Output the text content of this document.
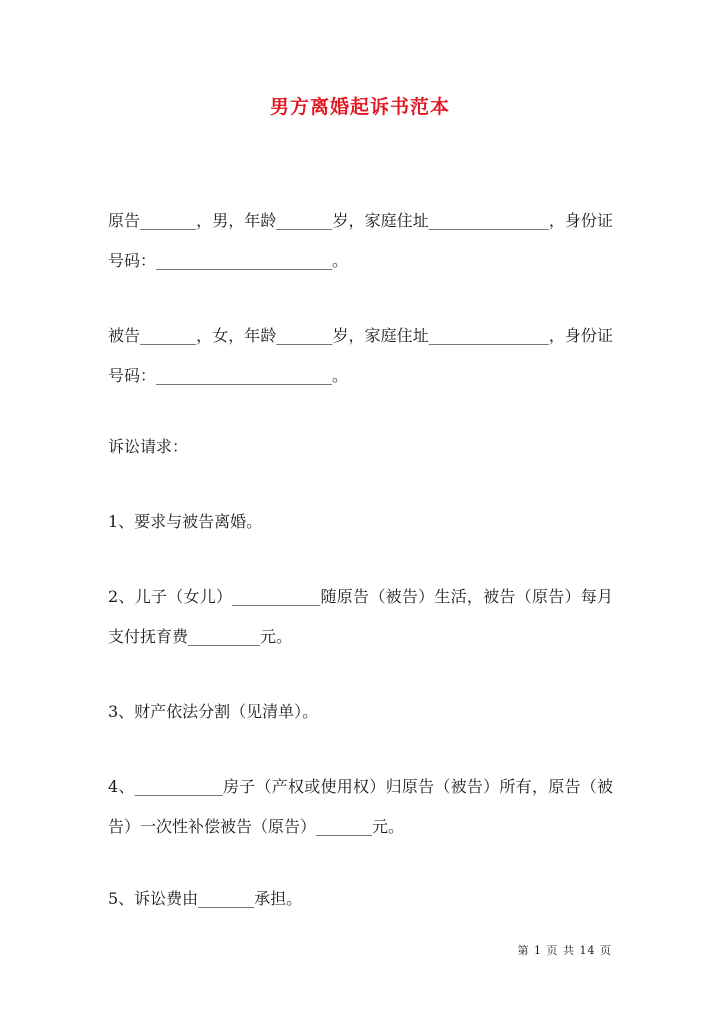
男方离婚起诉书范本
原告_______，男，年龄_______岁，家庭住址_______________，身份证号码：______________________。
被告_______，女，年龄_______岁，家庭住址_______________，身份证号码：______________________。
诉讼请求：
1、要求与被告离婚。
2、儿子（女儿）___________随原告（被告）生活，被告（原告）每月支付抚育费_________元。
3、财产依法分割（见清单）。
4、___________房子（产权或使用权）归原告（被告）所有，原告（被告）一次性补偿被告（原告）_______元。
5、诉讼费由_______承担。
第 1 页 共 14 页
